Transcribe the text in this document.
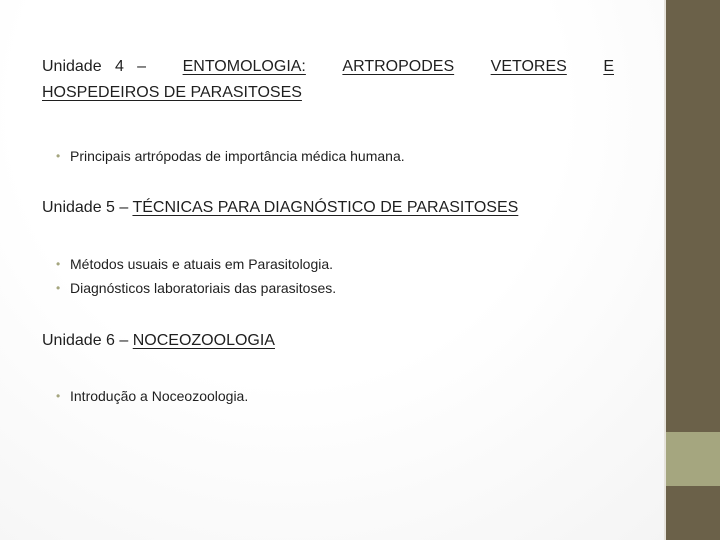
Unidade   4   – ENTOMOLOGIA: ARTROPODES VETORES E
HOSPEDEIROS DE PARASITOSES
• Principais artrópodas de importância médica humana.
Unidade 5 – TÉCNICAS PARA DIAGNÓSTICO DE PARASITOSES
• Métodos usuais e atuais em Parasitologia.
• Diagnósticos laboratoriais das parasitoses.
Unidade 6 – NOCEOZOOLOGIA
• Introdução a Noceozoologia.
